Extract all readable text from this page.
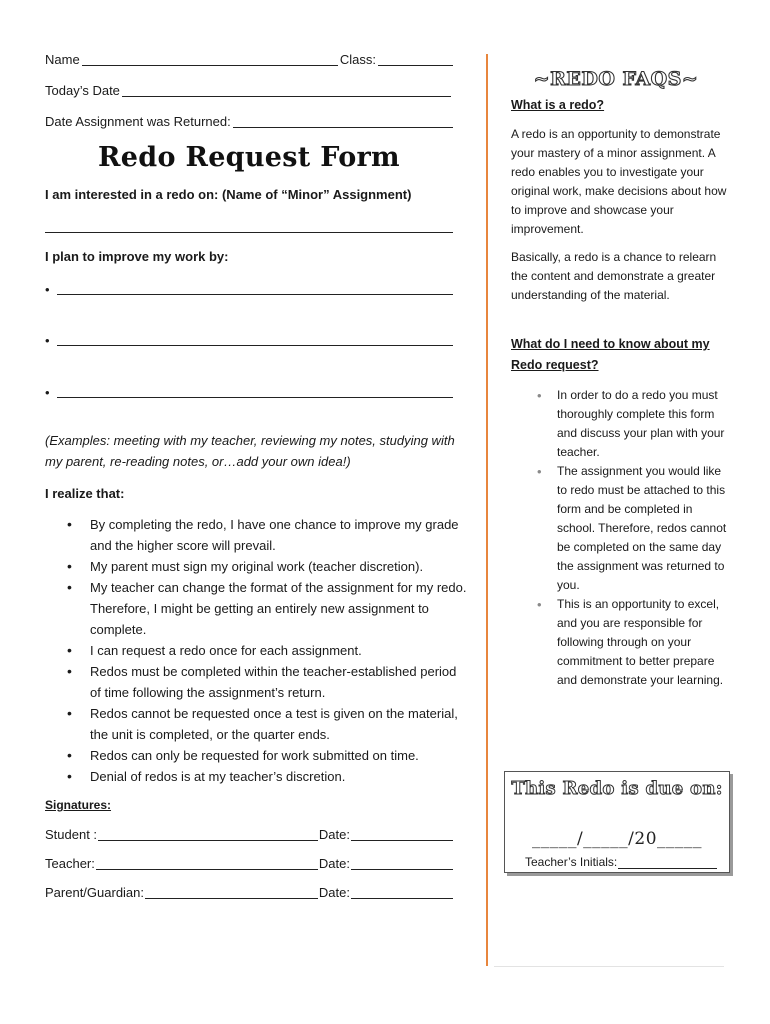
Name	Class:
Today’s Date
Date Assignment was Returned:
Redo Request Form
I am interested in a redo on: (Name of “Minor” Assignment)
I plan to improve my work by:
•
•
•
(Examples: meeting with my teacher, reviewing my notes, studying with my parent, re-reading notes, or…add your own idea!)
I realize that:
• By completing the redo, I have one chance to improve my grade and the higher score will prevail.
• My parent must sign my original work (teacher discretion).
• My teacher can change the format of the assignment for my redo. Therefore, I might be getting an entirely new assignment to complete.
• I can request a redo once for each assignment.
• Redos must be completed within the teacher-established period of time following the assignment’s return.
• Redos cannot be requested once a test is given on the material, the unit is completed, or the quarter ends.
• Redos can only be requested for work submitted on time.
• Denial of redos is at my teacher’s discretion.
Signatures:
Student :	Date:
Teacher:	Date:
Parent/Guardian:	Date:
~REDO FAQS~
What is a redo?
A redo is an opportunity to demonstrate your mastery of a minor assignment. A redo enables you to investigate your original work, make decisions about how to improve and showcase your improvement.
Basically, a redo is a chance to relearn the content and demonstrate a greater understanding of the material.
What do I need to know about my Redo request?
• In order to do a redo you must thoroughly complete this form and discuss your plan with your teacher.
• The assignment you would like to redo must be attached to this form and be completed in school. Therefore, redos cannot be completed on the same day the assignment was returned to you.
• This is an opportunity to excel, and you are responsible for following through on your commitment to better prepare and demonstrate your learning.
This Redo is due on:
_____/_____/20_____
Teacher’s Initials:
